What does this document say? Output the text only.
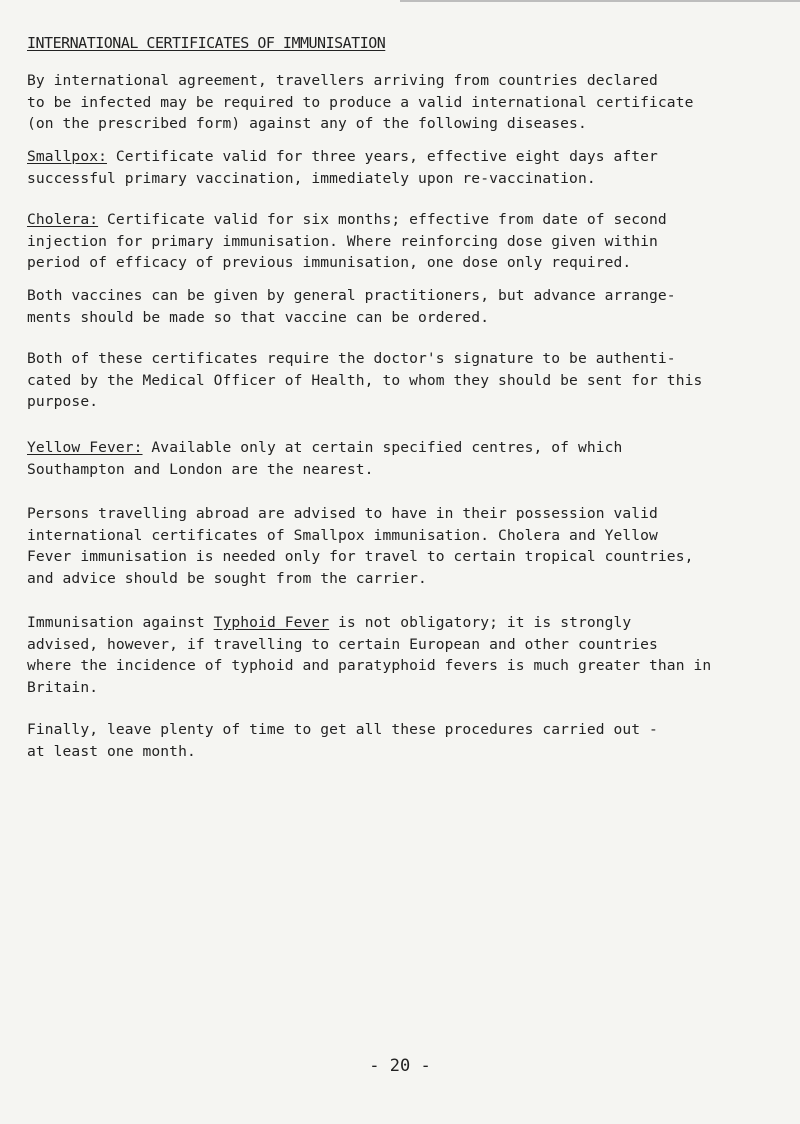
INTERNATIONAL CERTIFICATES OF IMMUNISATION

By international agreement, travellers arriving from countries declared
to be infected may be required to produce a valid international certificate
(on the prescribed form) against any of the following diseases.

Smallpox: Certificate valid for three years, effective eight days after
successful primary vaccination, immediately upon re-vaccination.

Cholera: Certificate valid for six months; effective from date of second
injection for primary immunisation. Where reinforcing dose given within
period of efficacy of previous immunisation, one dose only required.

Both vaccines can be given by general practitioners, but advance arrange-
ments should be made so that vaccine can be ordered.

Both of these certificates require the doctor's signature to be authenti-
cated by the Medical Officer of Health, to whom they should be sent for this
purpose.

Yellow Fever: Available only at certain specified centres, of which
Southampton and London are the nearest.

Persons travelling abroad are advised to have in their possession valid
international certificates of Smallpox immunisation. Cholera and Yellow
Fever immunisation is needed only for travel to certain tropical countries,
and advice should be sought from the carrier.

Immunisation against Typhoid Fever is not obligatory; it is strongly
advised, however, if travelling to certain European and other countries
where the incidence of typhoid and paratyphoid fevers is much greater than in
Britain.

Finally, leave plenty of time to get all these procedures carried out -
at least one month.

- 20 -
